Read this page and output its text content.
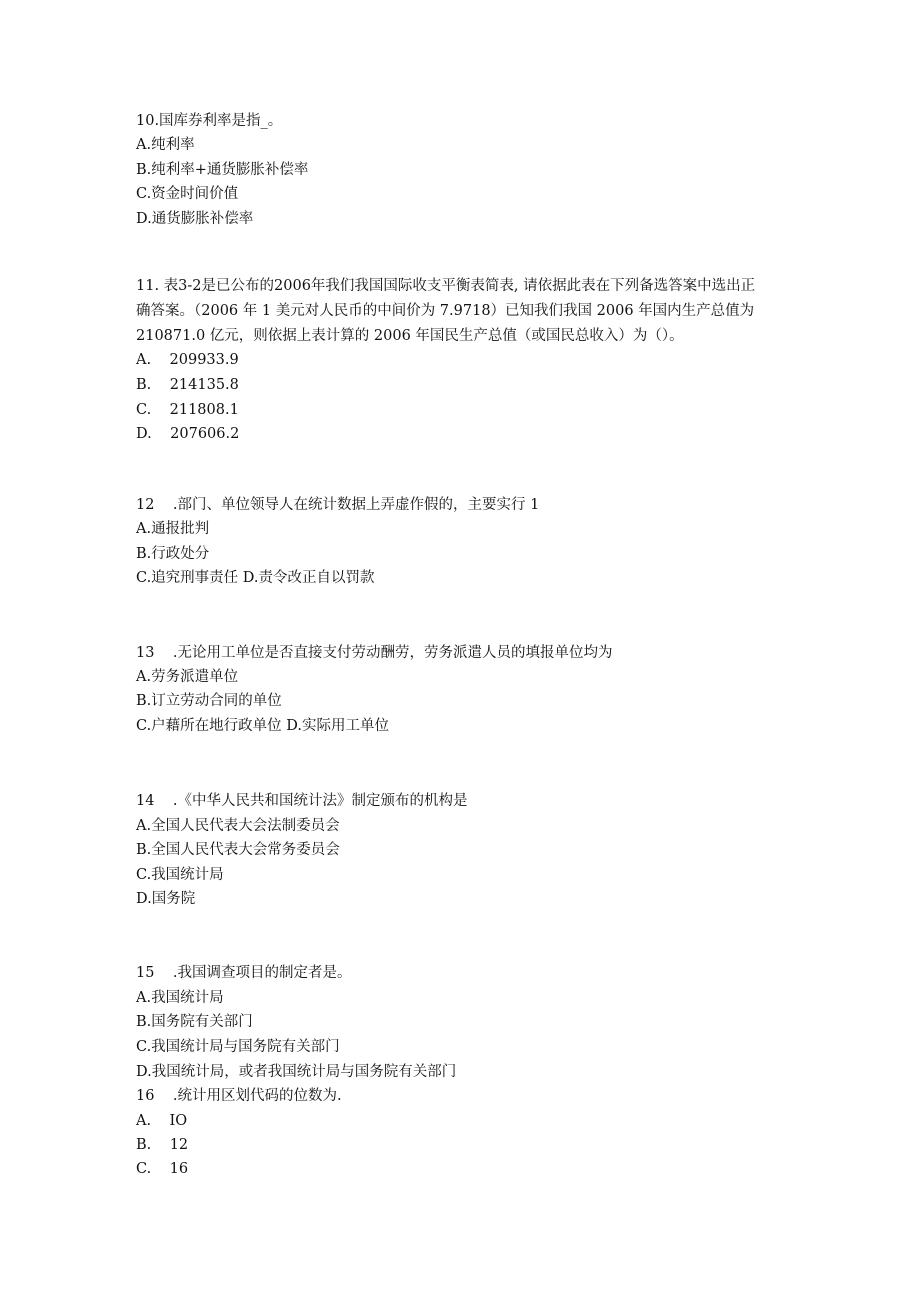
10.国库券利率是指_。
A.纯利率
B.纯利率+通货膨胀补偿率
C.资金时间价值
D.通货膨胀补偿率
11. 表3-2是已公布的2006年我们我国国际收支平衡表简表, 请依据此表在下列备选答案中选出正
确答案。（2006 年 1 美元对人民币的中间价为 7.9718）已知我们我国 2006 年国内生产总值为
210871.0 亿元，则依据上表计算的 2006 年国民生产总值（或国民总收入）为（）。
A.    209933.9
B.    214135.8
C.    211808.1
D.    207606.2
12    .部门、单位领导人在统计数据上弄虚作假的，主要实行 1
A.通报批判
B.行政处分
C.追究刑事责任 D.责令改正自以罚款
13    .无论用工单位是否直接支付劳动酬劳，劳务派遣人员的填报单位均为
A.劳务派遣单位
B.订立劳动合同的单位
C.户藉所在地行政单位 D.实际用工单位
14    .《中华人民共和国统计法》制定颁布的机构是
A.全国人民代表大会法制委员会
B.全国人民代表大会常务委员会
C.我国统计局
D.国务院
15    .我国调查项目的制定者是。
A.我国统计局
B.国务院有关部门
C.我国统计局与国务院有关部门
D.我国统计局，或者我国统计局与国务院有关部门
16    .统计用区划代码的位数为.
A.    IO
B.    12
C.    16
